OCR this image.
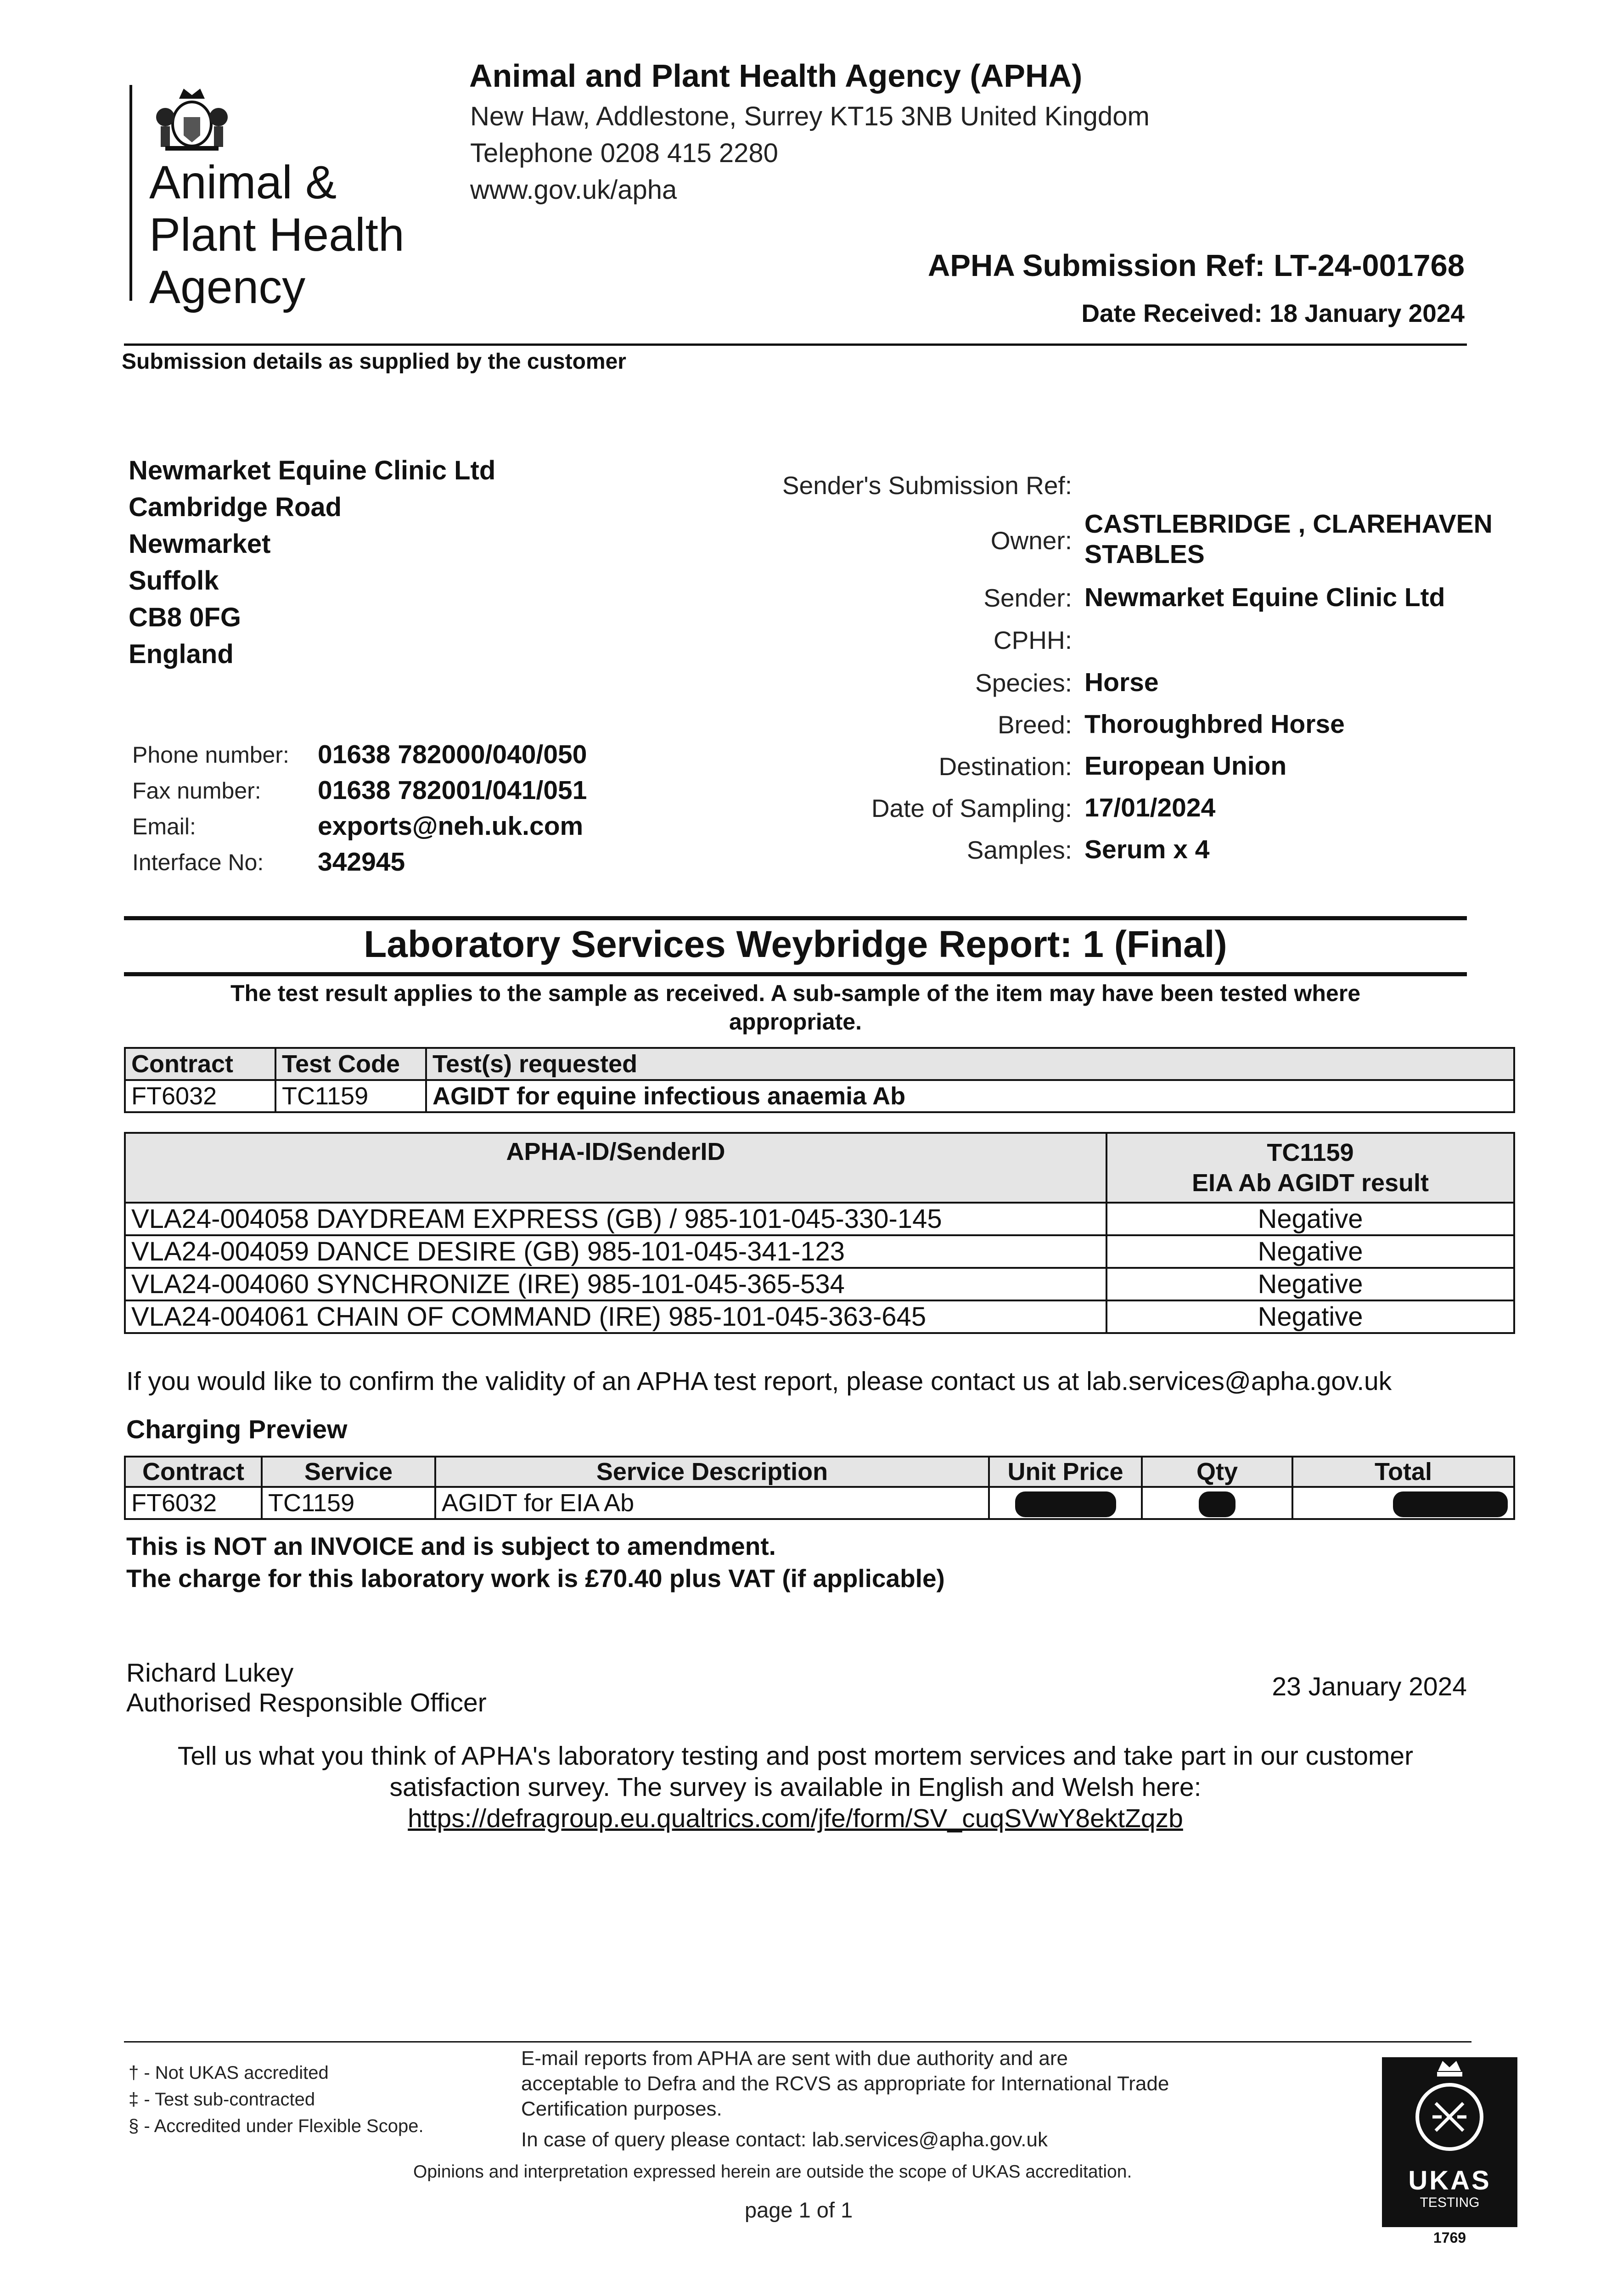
Animal &
Plant Health
Agency
Animal and Plant Health Agency (APHA)
New Haw, Addlestone, Surrey KT15 3NB United Kingdom
Telephone 0208 415 2280
www.gov.uk/apha
APHA Submission Ref: LT-24-001768
Date Received: 18 January 2024
Submission details as supplied by the customer
Newmarket Equine Clinic Ltd
Cambridge Road
Newmarket
Suffolk
CB8 0FG
England
Phone number: 01638 782000/040/050
Fax number: 01638 782001/041/051
Email:	exports@neh.uk.com
Interface No: 342945
Sender's Submission Ref:
Owner:
CASTLEBRIDGE , CLAREHAVEN
STABLES
Sender: Newmarket Equine Clinic Ltd
CPHH:
Species: Horse
Breed: Thoroughbred Horse
Destination: European Union
Date of Sampling: 17/01/2024
Samples: Serum x 4
Laboratory Services Weybridge Report: 1 (Final)
The test result applies to the sample as received. A sub-sample of the item may have been tested where
appropriate.
Contract	Test Code	Test(s) requested
FT6032	TC1159	AGIDT for equine infectious anaemia Ab
APHA-ID/SenderID	TC1159
EIA Ab AGIDT result

VLA24-004058 DAYDREAM EXPRESS (GB) / 985-101-045-330-145	Negative
VLA24-004059 DANCE DESIRE (GB) 985-101-045-341-123	Negative
VLA24-004060 SYNCHRONIZE (IRE) 985-101-045-365-534	Negative
VLA24-004061 CHAIN OF COMMAND (IRE) 985-101-045-363-645	Negative
If you would like to confirm the validity of an APHA test report, please contact us at lab.services@apha.gov.uk
Charging Preview
Contract	Service	Service Description	Unit Price	Qty	Total
FT6032	TC1159	AGIDT for EIA Ab			
This is NOT an INVOICE and is subject to amendment.
The charge for this laboratory work is £70.40 plus VAT (if applicable)
Richard Lukey
Authorised Responsible Officer
23 January 2024
Tell us what you think of APHA's laboratory testing and post mortem services and take part in our customer
satisfaction survey. The survey is available in English and Welsh here:
https://defragroup.eu.qualtrics.com/jfe/form/SV_cuqSVwY8ektZqzb
† - Not UKAS accredited
‡ - Test sub-contracted
§ - Accredited under Flexible Scope.
E-mail reports from APHA are sent with due authority and are
acceptable to Defra and the RCVS as appropriate for International Trade
Certification purposes.
In case of query please contact: lab.services@apha.gov.uk
Opinions and interpretation expressed herein are outside the scope of UKAS accreditation.
page 1 of 1
UKAS
TESTING
1769
